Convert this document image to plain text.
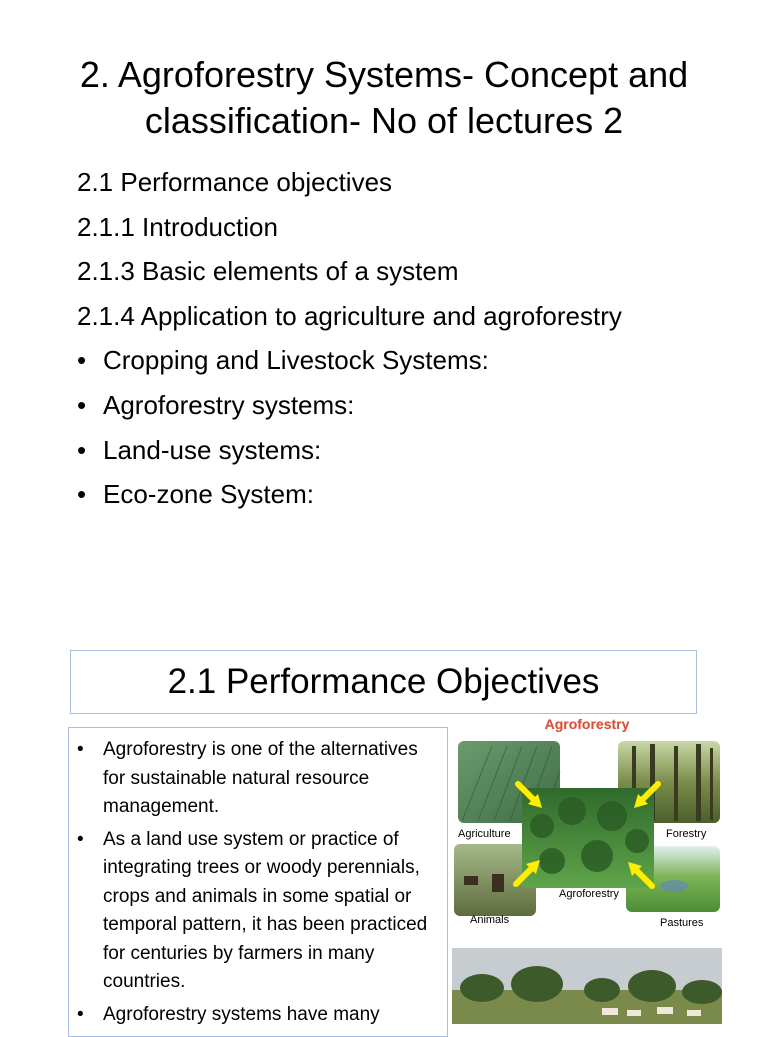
2. Agroforestry Systems- Concept and classification- No of lectures 2
2.1 Performance objectives
2.1.1 Introduction
2.1.3 Basic elements of a system
2.1.4 Application to agriculture and agroforestry
• Cropping and Livestock Systems:
• Agroforestry systems:
• Land-use systems:
• Eco-zone System:
2.1 Performance Objectives
• Agroforestry is one of the alternatives for sustainable natural resource management.
• As a land use system or practice of integrating trees or woody perennials, crops and animals in some spatial or temporal pattern, it has been practiced for centuries by farmers in many countries.
• Agroforestry systems have many
Agroforestry
Agriculture	Forestry
Agroforestry
Animals	Pastures
